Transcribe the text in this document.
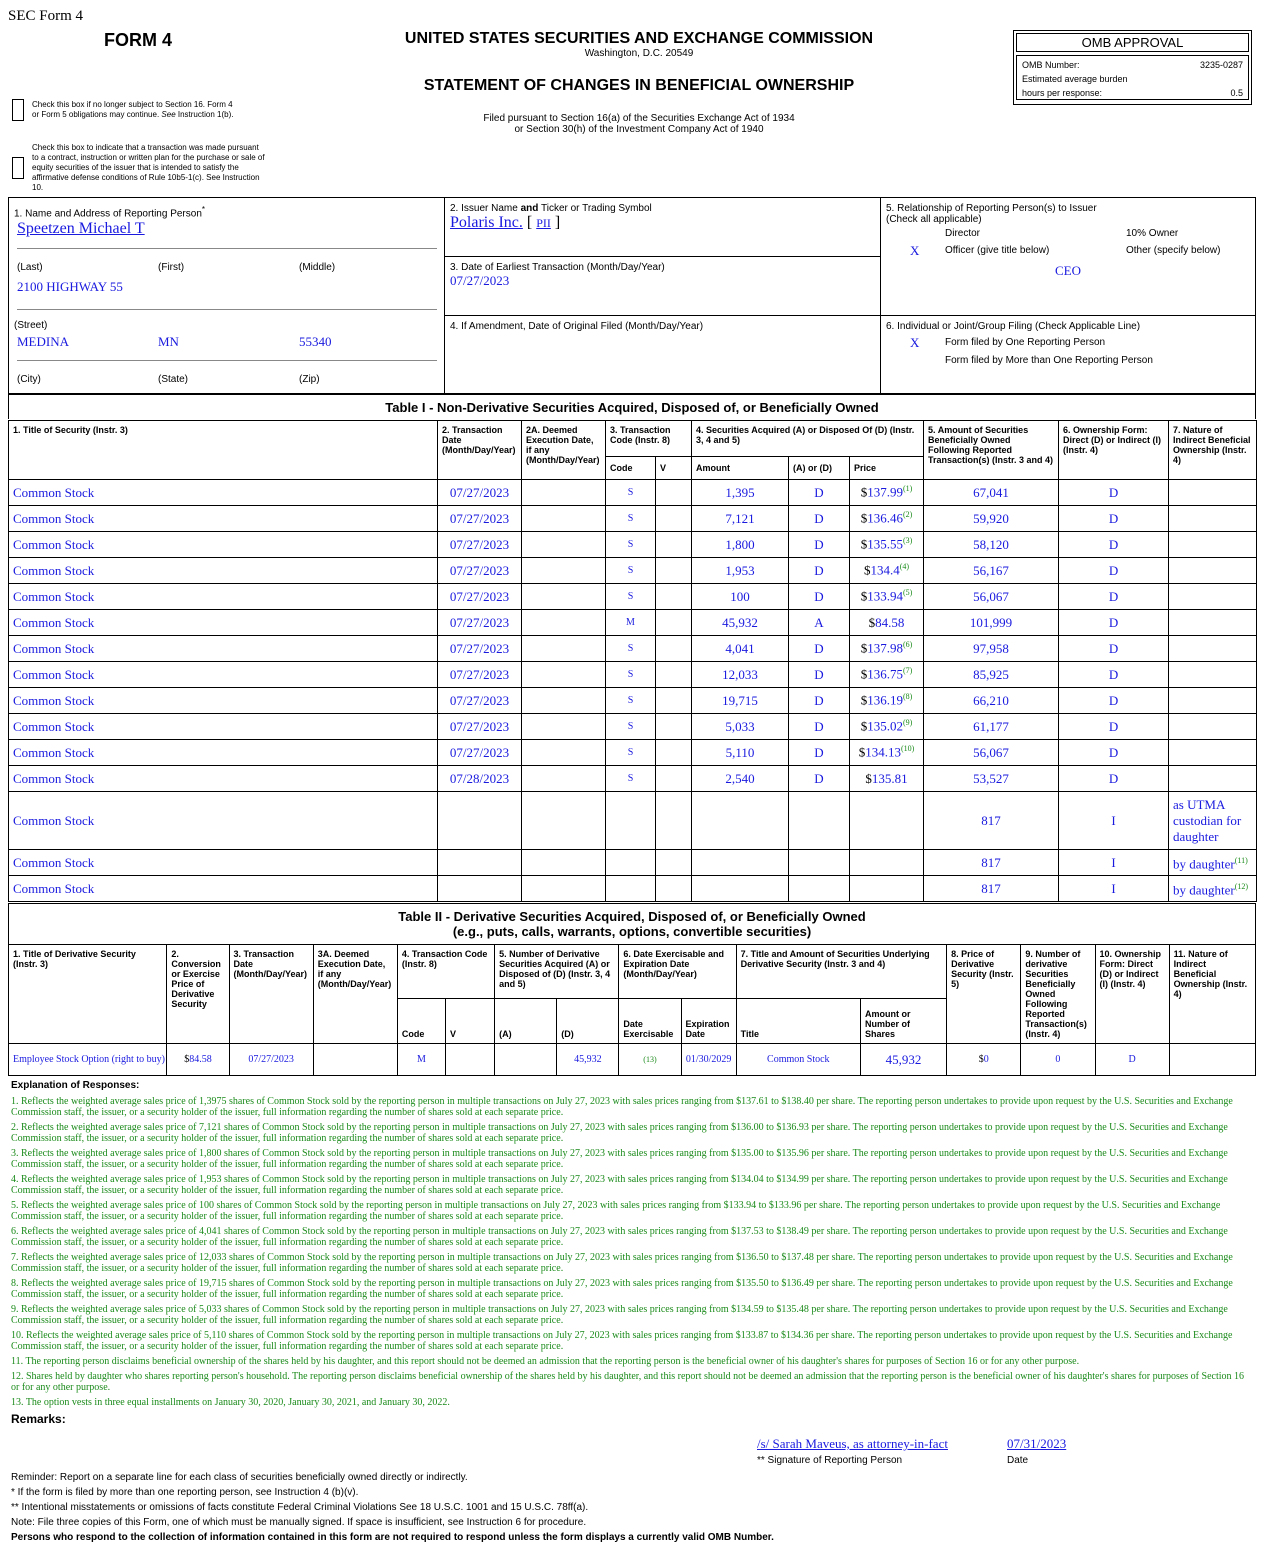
SEC Form 4
FORM 4	UNITED STATES SECURITIES AND EXCHANGE COMMISSION
Washington, D.C. 20549
STATEMENT OF CHANGES IN BENEFICIAL OWNERSHIP
Filed pursuant to Section 16(a) of the Securities Exchange Act of 1934
or Section 30(h) of the Investment Company Act of 1940
OMB APPROVAL
OMB Number:	3235-0287
Estimated average burden
hours per response:	0.5
Check this box if no longer subject to Section 16. Form 4
or Form 5 obligations may continue. See Instruction 1(b).
Check this box to indicate that a transaction was made pursuant to a contract, instruction or written plan for the purchase or sale of equity securities of the issuer that is intended to satisfy the affirmative defense conditions of Rule 10b5-1(c). See Instruction 10.
1. Name and Address of Reporting Person*
Speetzen Michael T
(Last)	(First)	(Middle)
2100 HIGHWAY 55
(Street)
MEDINA	MN	55340
(City)	(State)	(Zip)
2. Issuer Name and Ticker or Trading Symbol
Polaris Inc. [ PII ]
3. Date of Earliest Transaction (Month/Day/Year)
07/27/2023
4. If Amendment, Date of Original Filed (Month/Day/Year)
5. Relationship of Reporting Person(s) to Issuer
(Check all applicable)
Director	10% Owner
X	Officer (give title below)	Other (specify below)
CEO
6. Individual or Joint/Group Filing (Check Applicable Line)
X	Form filed by One Reporting Person
Form filed by More than One Reporting Person
Table I - Non-Derivative Securities Acquired, Disposed of, or Beneficially Owned
1. Title of Security (Instr. 3)	2. Transaction Date (Month/Day/Year)	2A. Deemed Execution Date, if any (Month/Day/Year)	3. Transaction Code (Instr. 8)		4. Securities Acquired (A) or Disposed Of (D) (Instr. 3, 4 and 5)			5. Amount of Securities Beneficially Owned Following Reported Transaction(s) (Instr. 3 and 4)	6. Ownership Form: Direct (D) or Indirect (I) (Instr. 4)	7. Nature of Indirect Beneficial Ownership (Instr. 4)
			Code	V	Amount	(A) or (D)	Price			
Common Stock	07/27/2023		S		1,395	D	$137.99$^{(1)}$	67,041	D	
Common Stock	07/27/2023		S		7,121	D	$136.46$^{(2)}$	59,920	D	
Common Stock	07/27/2023		S		1,800	D	$135.55$^{(3)}$	58,120	D	
Common Stock	07/27/2023		S		1,953	D	$134.4$^{(4)}$	56,167	D	
Common Stock	07/27/2023		S		100	D	$133.94$^{(5)}$	56,067	D	
Common Stock	07/27/2023		M		45,932	A	$84.58	101,999	D	
Common Stock	07/27/2023		S		4,041	D	$137.98$^{(6)}$	97,958	D	
Common Stock	07/27/2023		S		12,033	D	$136.75$^{(7)}$	85,925	D	
Common Stock	07/27/2023		S		19,715	D	$136.19$^{(8)}$	66,210	D	
Common Stock	07/27/2023		S		5,033	D	$135.02$^{(9)}$	61,177	D	
Common Stock	07/27/2023		S		5,110	D	$134.13$^{(10)}$	56,067	D	
Common Stock	07/28/2023		S		2,540	D	$135.81	53,527	D	
Common Stock								817	I	as UTMA custodian for daughter
Common Stock								817	I	by daughter$^{(11)}$
Common Stock								817	I	by daughter$^{(12)}$
Table II - Derivative Securities Acquired, Disposed of, or Beneficially Owned
(e.g., puts, calls, warrants, options, convertible securities)
1. Title of Derivative Security (Instr. 3)	2. Conversion or Exercise Price of Derivative Security	3. Transaction Date (Month/Day/Year)	3A. Deemed Execution Date, if any (Month/Day/Year)	4. Transaction Code (Instr. 8)		5. Number of Derivative Securities Acquired (A) or Disposed of (D) (Instr. 3, 4 and 5)		6. Date Exercisable and Expiration Date (Month/Day/Year)		7. Title and Amount of Securities Underlying Derivative Security (Instr. 3 and 4)		8. Price of Derivative Security (Instr. 5)	9. Number of derivative Securities Beneficially Owned Following Reported Transaction(s) (Instr. 4)	10. Ownership Form: Direct (D) or Indirect (I) (Instr. 4)	11. Nature of Indirect Beneficial Ownership (Instr. 4)
				Code	V	(A)	(D)	Date Exercisable	Expiration Date	Title	Amount or Number of Shares				
Employee Stock Option (right to buy)	$84.58	07/27/2023		M			45,932	(13)	01/30/2029	Common Stock	45,932	$0	0	D	
Explanation of Responses:
1. Reflects the weighted average sales price of 1,3975 shares of Common Stock sold by the reporting person in multiple transactions on July 27, 2023 with sales prices ranging from $137.61 to $138.40 per share. The reporting person undertakes to provide upon request by the U.S. Securities and Exchange Commission staff, the issuer, or a security holder of the issuer, full information regarding the number of shares sold at each separate price.
2. Reflects the weighted average sales price of 7,121 shares of Common Stock sold by the reporting person in multiple transactions on July 27, 2023 with sales prices ranging from $136.00 to $136.93 per share. The reporting person undertakes to provide upon request by the U.S. Securities and Exchange Commission staff, the issuer, or a security holder of the issuer, full information regarding the number of shares sold at each separate price.
3. Reflects the weighted average sales price of 1,800 shares of Common Stock sold by the reporting person in multiple transactions on July 27, 2023 with sales prices ranging from $135.00 to $135.96 per share. The reporting person undertakes to provide upon request by the U.S. Securities and Exchange Commission staff, the issuer, or a security holder of the issuer, full information regarding the number of shares sold at each separate price.
4. Reflects the weighted average sales price of 1,953 shares of Common Stock sold by the reporting person in multiple transactions on July 27, 2023 with sales prices ranging from $134.04 to $134.99 per share. The reporting person undertakes to provide upon request by the U.S. Securities and Exchange Commission staff, the issuer, or a security holder of the issuer, full information regarding the number of shares sold at each separate price.
5. Reflects the weighted average sales price of 100 shares of Common Stock sold by the reporting person in multiple transactions on July 27, 2023 with sales prices ranging from $133.94 to $133.96 per share. The reporting person undertakes to provide upon request by the U.S. Securities and Exchange Commission staff, the issuer, or a security holder of the issuer, full information regarding the number of shares sold at each separate price.
6. Reflects the weighted average sales price of 4,041 shares of Common Stock sold by the reporting person in multiple transactions on July 27, 2023 with sales prices ranging from $137.53 to $138.49 per share. The reporting person undertakes to provide upon request by the U.S. Securities and Exchange Commission staff, the issuer, or a security holder of the issuer, full information regarding the number of shares sold at each separate price.
7. Reflects the weighted average sales price of 12,033 shares of Common Stock sold by the reporting person in multiple transactions on July 27, 2023 with sales prices ranging from $136.50 to $137.48 per share. The reporting person undertakes to provide upon request by the U.S. Securities and Exchange Commission staff, the issuer, or a security holder of the issuer, full information regarding the number of shares sold at each separate price.
8. Reflects the weighted average sales price of 19,715 shares of Common Stock sold by the reporting person in multiple transactions on July 27, 2023 with sales prices ranging from $135.50 to $136.49 per share. The reporting person undertakes to provide upon request by the U.S. Securities and Exchange Commission staff, the issuer, or a security holder of the issuer, full information regarding the number of shares sold at each separate price.
9. Reflects the weighted average sales price of 5,033 shares of Common Stock sold by the reporting person in multiple transactions on July 27, 2023 with sales prices ranging from $134.59 to $135.48 per share. The reporting person undertakes to provide upon request by the U.S. Securities and Exchange Commission staff, the issuer, or a security holder of the issuer, full information regarding the number of shares sold at each separate price.
10. Reflects the weighted average sales price of 5,110 shares of Common Stock sold by the reporting person in multiple transactions on July 27, 2023 with sales prices ranging from $133.87 to $134.36 per share. The reporting person undertakes to provide upon request by the U.S. Securities and Exchange Commission staff, the issuer, or a security holder of the issuer, full information regarding the number of shares sold at each separate price.
11. The reporting person disclaims beneficial ownership of the shares held by his daughter, and this report should not be deemed an admission that the reporting person is the beneficial owner of his daughter's shares for purposes of Section 16 or for any other purpose.
12. Shares held by daughter who shares reporting person's household. The reporting person disclaims beneficial ownership of the shares held by his daughter, and this report should not be deemed an admission that the reporting person is the beneficial owner of his daughter's shares for purposes of Section 16 or for any other purpose.
13. The option vests in three equal installments on January 30, 2020, January 30, 2021, and January 30, 2022.
Remarks:
/s/ Sarah Maveus, as attorney-in-fact	07/31/2023
** Signature of Reporting Person	Date
Reminder: Report on a separate line for each class of securities beneficially owned directly or indirectly.
* If the form is filed by more than one reporting person, see Instruction 4 (b)(v).
** Intentional misstatements or omissions of facts constitute Federal Criminal Violations See 18 U.S.C. 1001 and 15 U.S.C. 78ff(a).
Note: File three copies of this Form, one of which must be manually signed. If space is insufficient, see Instruction 6 for procedure.
Persons who respond to the collection of information contained in this form are not required to respond unless the form displays a currently valid OMB Number.
